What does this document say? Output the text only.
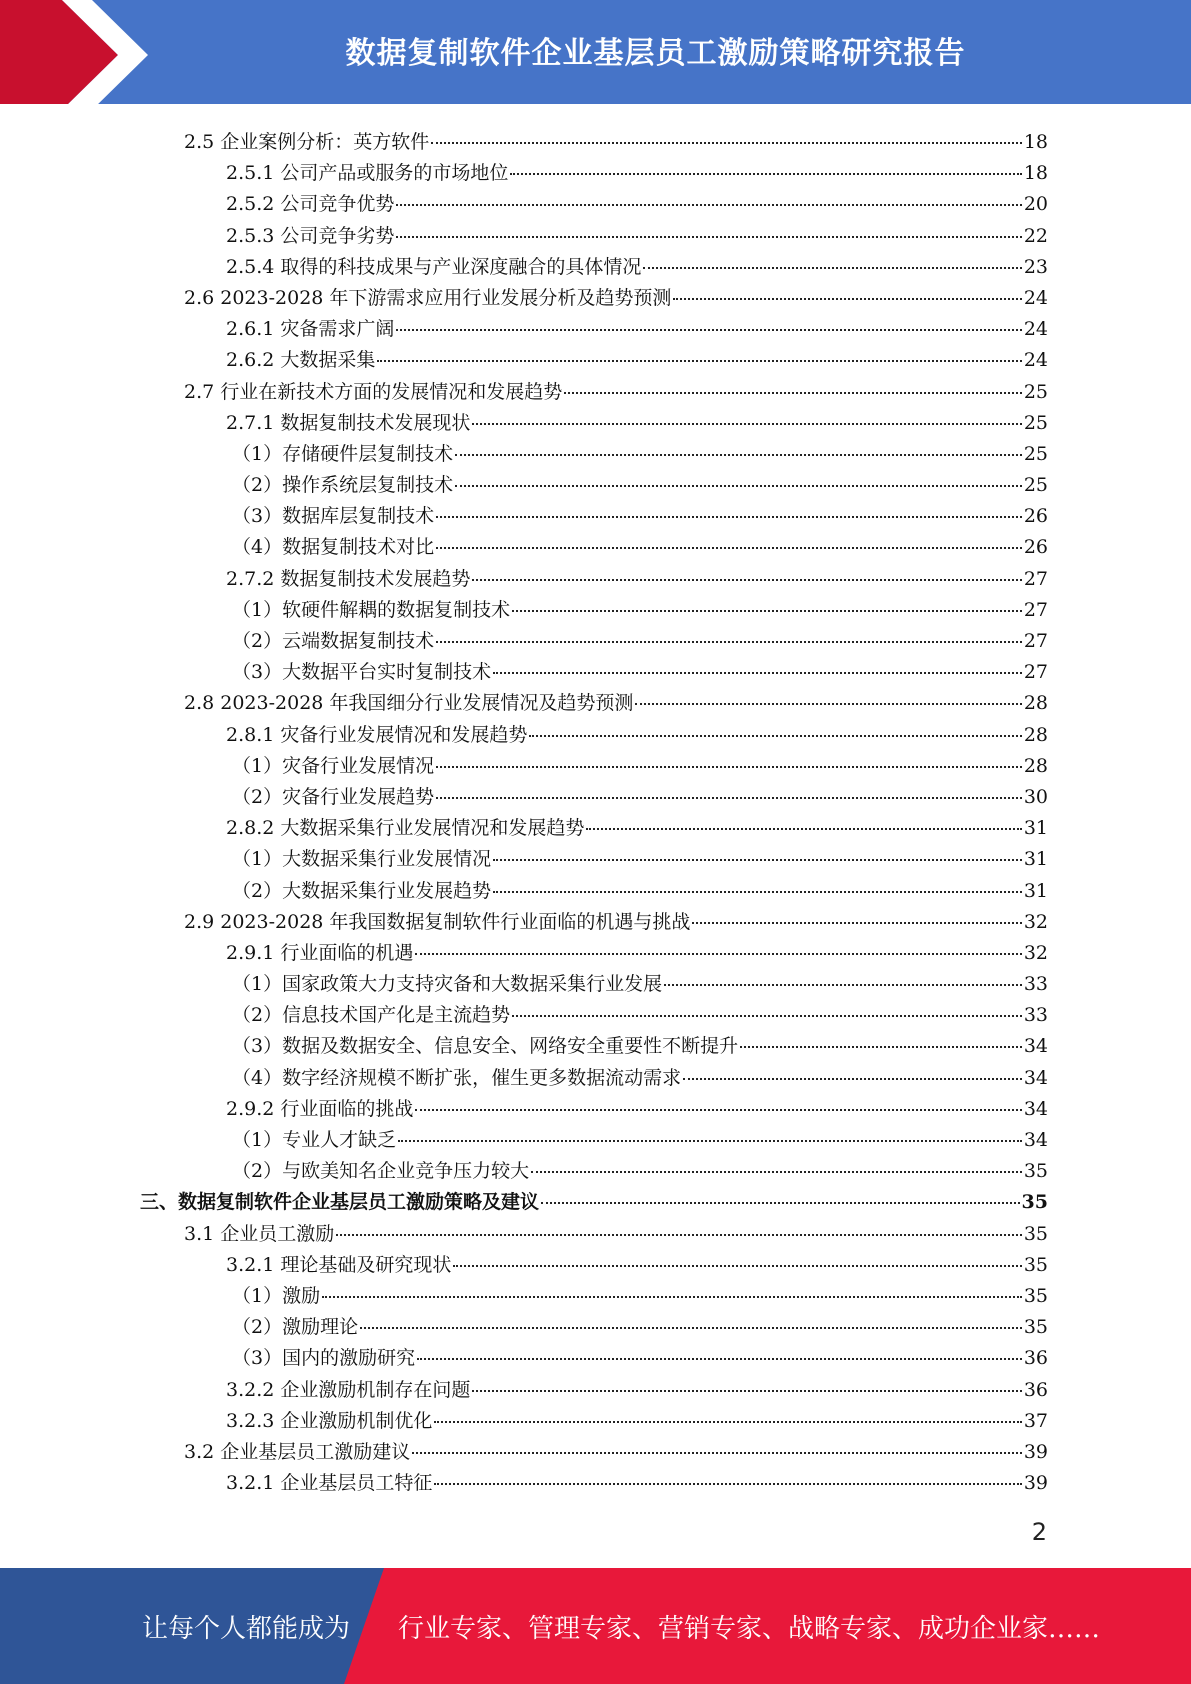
数据复制软件企业基层员工激励策略研究报告
2.5 企业案例分析：英方软件	18
2.5.1 公司产品或服务的市场地位	18
2.5.2 公司竞争优势	20
2.5.3 公司竞争劣势	22
2.5.4 取得的科技成果与产业深度融合的具体情况	23
2.6 2023-2028 年下游需求应用行业发展分析及趋势预测	24
2.6.1 灾备需求广阔	24
2.6.2 大数据采集	24
2.7 行业在新技术方面的发展情况和发展趋势	25
2.7.1 数据复制技术发展现状	25
（1）存储硬件层复制技术	25
（2）操作系统层复制技术	25
（3）数据库层复制技术	26
（4）数据复制技术对比	26
2.7.2 数据复制技术发展趋势	27
（1）软硬件解耦的数据复制技术	27
（2）云端数据复制技术	27
（3）大数据平台实时复制技术	27
2.8 2023-2028 年我国细分行业发展情况及趋势预测	28
2.8.1 灾备行业发展情况和发展趋势	28
（1）灾备行业发展情况	28
（2）灾备行业发展趋势	30
2.8.2 大数据采集行业发展情况和发展趋势	31
（1）大数据采集行业发展情况	31
（2）大数据采集行业发展趋势	31
2.9 2023-2028 年我国数据复制软件行业面临的机遇与挑战	32
2.9.1 行业面临的机遇	32
（1）国家政策大力支持灾备和大数据采集行业发展	33
（2）信息技术国产化是主流趋势	33
（3）数据及数据安全、信息安全、网络安全重要性不断提升	34
（4）数字经济规模不断扩张，催生更多数据流动需求	34
2.9.2 行业面临的挑战	34
（1）专业人才缺乏	34
（2）与欧美知名企业竞争压力较大	35
三、数据复制软件企业基层员工激励策略及建议	35
3.1 企业员工激励	35
3.2.1 理论基础及研究现状	35
（1）激励	35
（2）激励理论	35
（3）国内的激励研究	36
3.2.2 企业激励机制存在问题	36
3.2.3 企业激励机制优化	37
3.2 企业基层员工激励建议	39
3.2.1 企业基层员工特征	39
2
让每个人都能成为 行业专家、管理专家、营销专家、战略专家、成功企业家……
